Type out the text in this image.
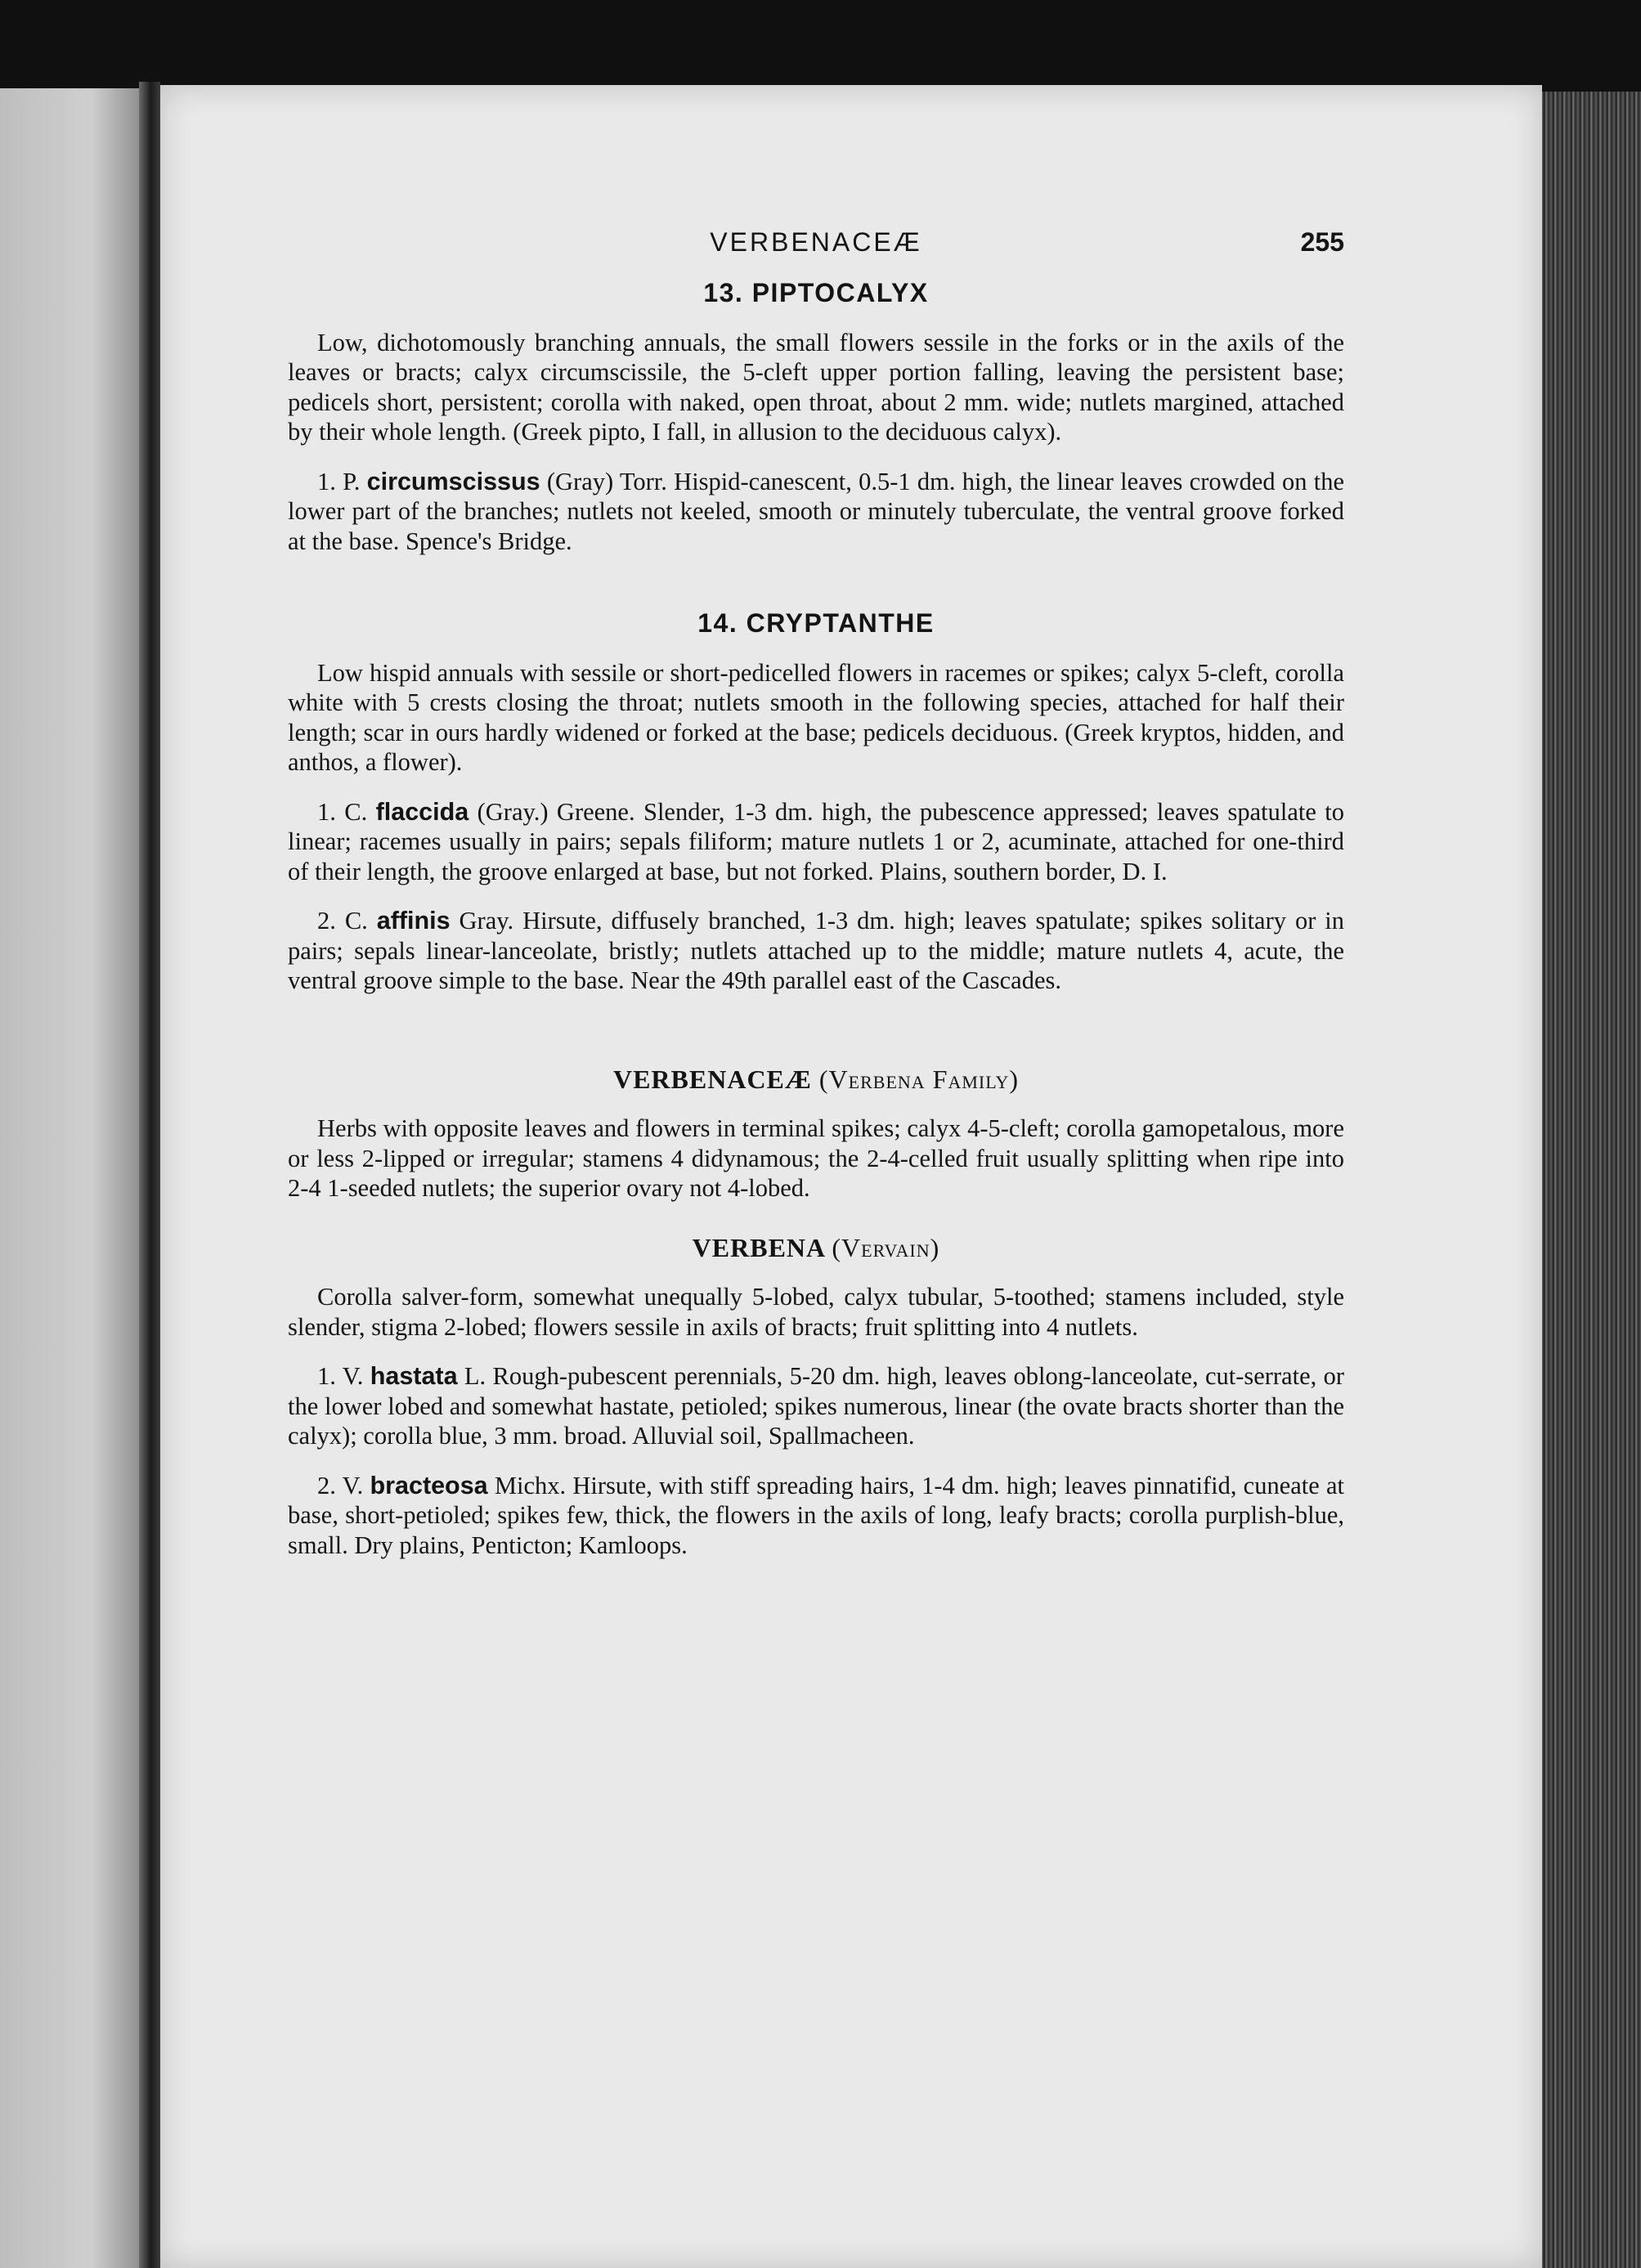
VERBENACEÆ	255
13. PIPTOCALYX

Low, dichotomously branching annuals, the small flowers sessile in the forks or in the axils of the leaves or bracts; calyx circumscissile, the 5-cleft upper portion falling, leaving the persistent base; pedicels short, persistent; corolla with naked, open throat, about 2 mm. wide; nutlets margined, attached by their whole length. (Greek pipto, I fall, in allusion to the deciduous calyx).

1. P. circumscissus (Gray) Torr. Hispid-canescent, 0.5-1 dm. high, the linear leaves crowded on the lower part of the branches; nutlets not keeled, smooth or minutely tuberculate, the ventral groove forked at the base. Spence's Bridge.

14. CRYPTANTHE

Low hispid annuals with sessile or short-pedicelled flowers in racemes or spikes; calyx 5-cleft, corolla white with 5 crests closing the throat; nutlets smooth in the following species, attached for half their length; scar in ours hardly widened or forked at the base; pedicels deciduous. (Greek kryptos, hidden, and anthos, a flower).

1. C. flaccida (Gray.) Greene. Slender, 1-3 dm. high, the pubescence appressed; leaves spatulate to linear; racemes usually in pairs; sepals filiform; mature nutlets 1 or 2, acuminate, attached for one-third of their length, the groove enlarged at base, but not forked. Plains, southern border, D. I.

2. C. affinis Gray. Hirsute, diffusely branched, 1-3 dm. high; leaves spatulate; spikes solitary or in pairs; sepals linear-lanceolate, bristly; nutlets attached up to the middle; mature nutlets 4, acute, the ventral groove simple to the base. Near the 49th parallel east of the Cascades.

VERBENACEÆ (Verbena Family)

Herbs with opposite leaves and flowers in terminal spikes; calyx 4-5-cleft; corolla gamopetalous, more or less 2-lipped or irregular; stamens 4 didynamous; the 2-4-celled fruit usually splitting when ripe into 2-4 1-seeded nutlets; the superior ovary not 4-lobed.

VERBENA (Vervain)

Corolla salver-form, somewhat unequally 5-lobed, calyx tubular, 5-toothed; stamens included, style slender, stigma 2-lobed; flowers sessile in axils of bracts; fruit splitting into 4 nutlets.

1. V. hastata L. Rough-pubescent perennials, 5-20 dm. high, leaves oblong-lanceolate, cut-serrate, or the lower lobed and somewhat hastate, petioled; spikes numerous, linear (the ovate bracts shorter than the calyx); corolla blue, 3 mm. broad. Alluvial soil, Spallmacheen.

2. V. bracteosa Michx. Hirsute, with stiff spreading hairs, 1-4 dm. high; leaves pinnatifid, cuneate at base, short-petioled; spikes few, thick, the flowers in the axils of long, leafy bracts; corolla purplish-blue, small. Dry plains, Penticton; Kamloops.
